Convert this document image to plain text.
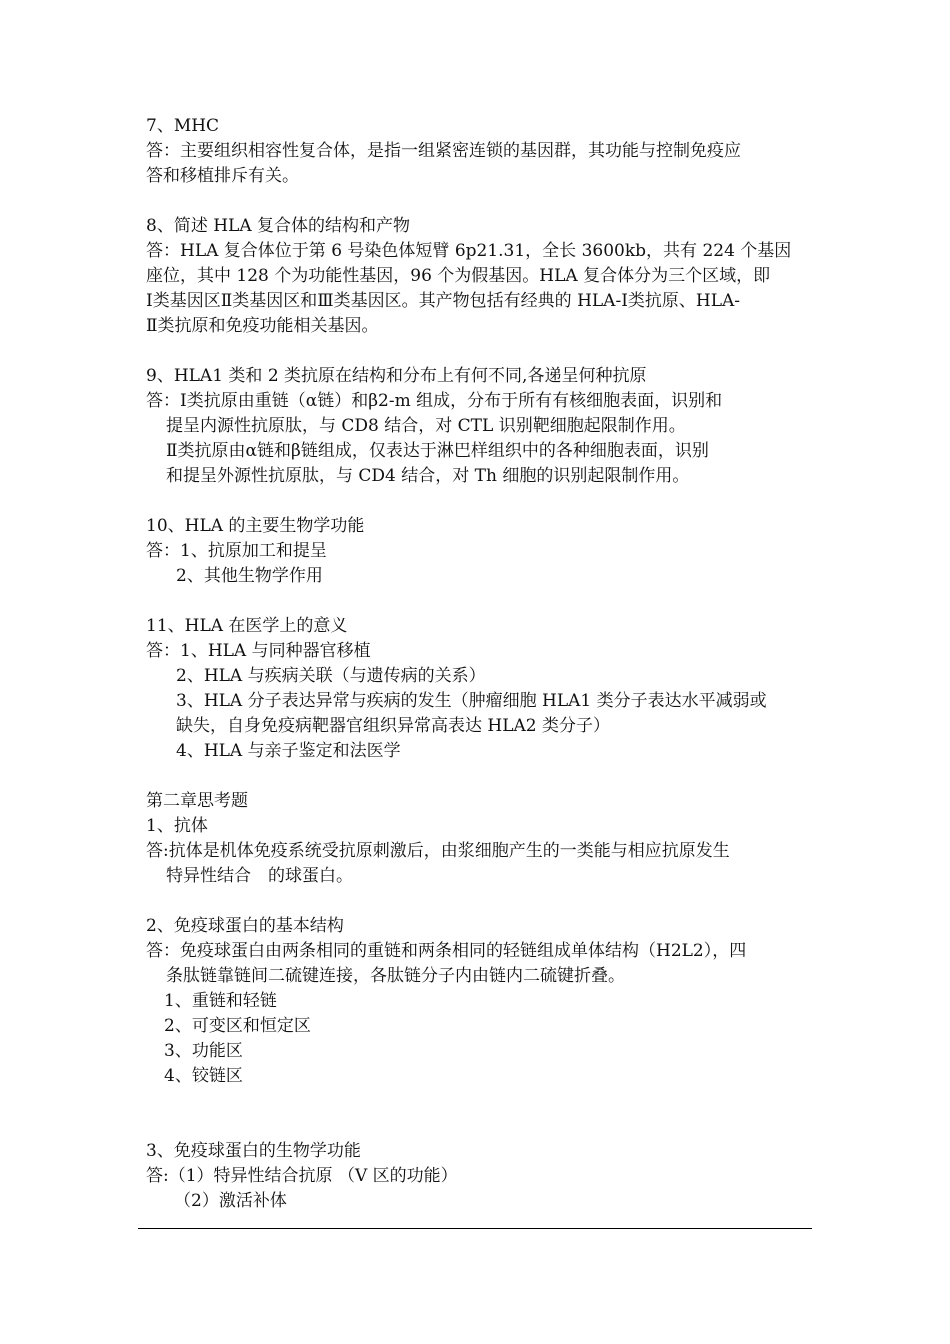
7、MHC
答：主要组织相容性复合体，是指一组紧密连锁的基因群，其功能与控制免疫应
答和移植排斥有关。
8、简述 HLA 复合体的结构和产物
答：HLA 复合体位于第 6 号染色体短臂 6p21.31，全长 3600kb，共有 224 个基因
座位，其中 128 个为功能性基因，96 个为假基因。HLA 复合体分为三个区域，即
Ⅰ类基因区Ⅱ类基因区和Ⅲ类基因区。其产物包括有经典的 HLA-Ⅰ类抗原、HLA-
Ⅱ类抗原和免疫功能相关基因。
9、HLA1 类和 2 类抗原在结构和分布上有何不同,各递呈何种抗原
答：Ⅰ类抗原由重链（α链）和β2-m 组成，分布于所有有核细胞表面，识别和
提呈内源性抗原肽，与 CD8 结合，对 CTL 识别靶细胞起限制作用。
Ⅱ类抗原由α链和β链组成，仅表达于淋巴样组织中的各种细胞表面，识别
和提呈外源性抗原肽，与 CD4 结合，对 Th 细胞的识别起限制作用。
10、HLA 的主要生物学功能
答：1、抗原加工和提呈
2、其他生物学作用
11、HLA 在医学上的意义
答：1、HLA 与同种器官移植
2、HLA 与疾病关联（与遗传病的关系）
3、HLA 分子表达异常与疾病的发生（肿瘤细胞 HLA1 类分子表达水平减弱或
缺失，自身免疫病靶器官组织异常高表达 HLA2 类分子）
4、HLA 与亲子鉴定和法医学
第二章思考题
1、抗体
答:抗体是机体免疫系统受抗原刺激后，由浆细胞产生的一类能与相应抗原发生
特异性结合　的球蛋白。
2、免疫球蛋白的基本结构
答：免疫球蛋白由两条相同的重链和两条相同的轻链组成单体结构（H2L2），四
条肽链靠链间二硫键连接，各肽链分子内由链内二硫键折叠。
1、重链和轻链
2、可变区和恒定区
3、功能区
4、铰链区
3、免疫球蛋白的生物学功能
答:（1）特异性结合抗原 （V 区的功能）
（2）激活补体
